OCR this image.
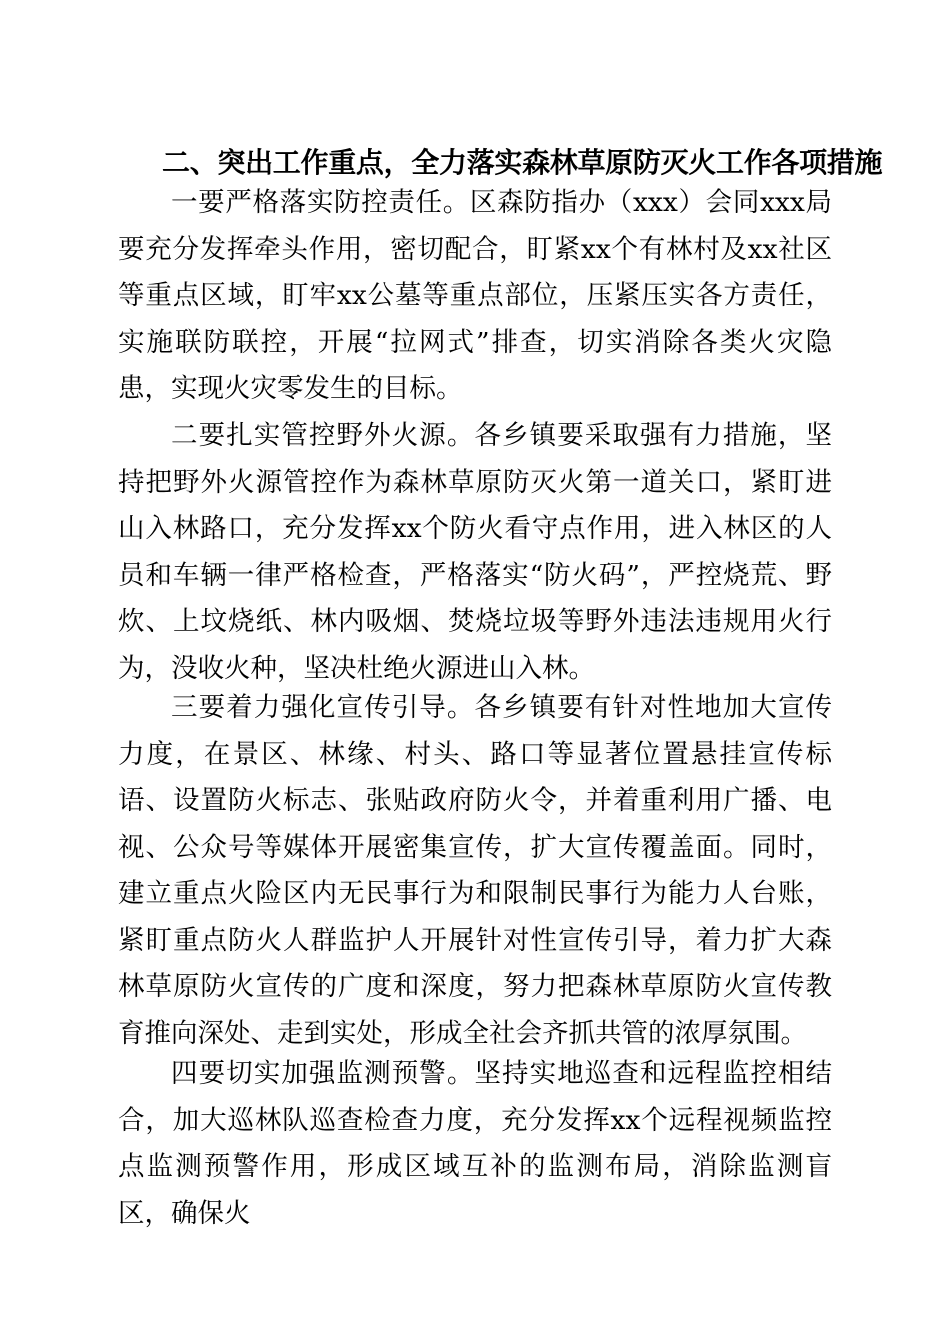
二、突出工作重点，全力落实森林草原防灭火工作各项措施

一要严格落实防控责任。区森防指办（xxx）会同xxx局要充分发挥牵头作用，密切配合，盯紧xx个有林村及xx社区等重点区域，盯牢xx公墓等重点部位，压紧压实各方责任，实施联防联控，开展“拉网式”排查，切实消除各类火灾隐患，实现火灾零发生的目标。

二要扎实管控野外火源。各乡镇要采取强有力措施，坚持把野外火源管控作为森林草原防灭火第一道关口，紧盯进山入林路口，充分发挥xx个防火看守点作用，进入林区的人员和车辆一律严格检查，严格落实“防火码”，严控烧荒、野炊、上坟烧纸、林内吸烟、焚烧垃圾等野外违法违规用火行为，没收火种，坚决杜绝火源进山入林。

三要着力强化宣传引导。各乡镇要有针对性地加大宣传力度，在景区、林缘、村头、路口等显著位置悬挂宣传标语、设置防火标志、张贴政府防火令，并着重利用广播、电视、公众号等媒体开展密集宣传，扩大宣传覆盖面。同时，建立重点火险区内无民事行为和限制民事行为能力人台账，紧盯重点防火人群监护人开展针对性宣传引导，着力扩大森林草原防火宣传的广度和深度，努力把森林草原防火宣传教育推向深处、走到实处，形成全社会齐抓共管的浓厚氛围。

四要切实加强监测预警。坚持实地巡查和远程监控相结合，加大巡林队巡查检查力度，充分发挥xx个远程视频监控点监测预警作用，形成区域互补的监测布局，消除监测盲区，确保火
